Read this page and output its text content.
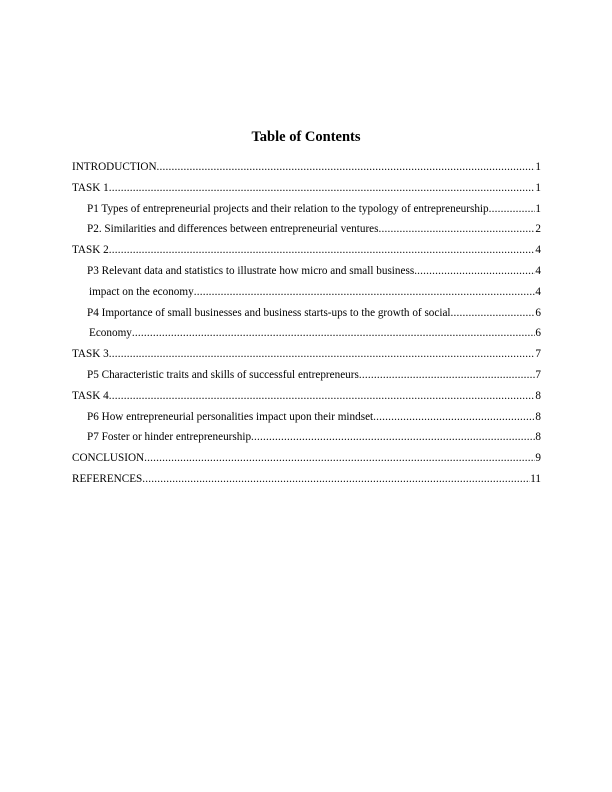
Table of Contents
INTRODUCTION .....	1
TASK 1 .....	1
P1 Types of entrepreneurial projects and their relation to the typology of entrepreneurship .....	1
P2. Similarities and differences between entrepreneurial ventures .....	2
TASK 2 .....	4
P3 Relevant data and statistics to illustrate how micro and small business .....	4
impact on the economy .....	4
P4 Importance of small businesses and business starts-ups to the growth of social .....	6
Economy .....	6
TASK 3 .....	7
P5 Characteristic traits and skills of successful entrepreneurs .....	7
TASK 4 .....	8
P6 How entrepreneurial personalities impact upon their mindset .....	8
P7 Foster or hinder entrepreneurship .....	8
CONCLUSION .....	9
REFERENCES .....	11
